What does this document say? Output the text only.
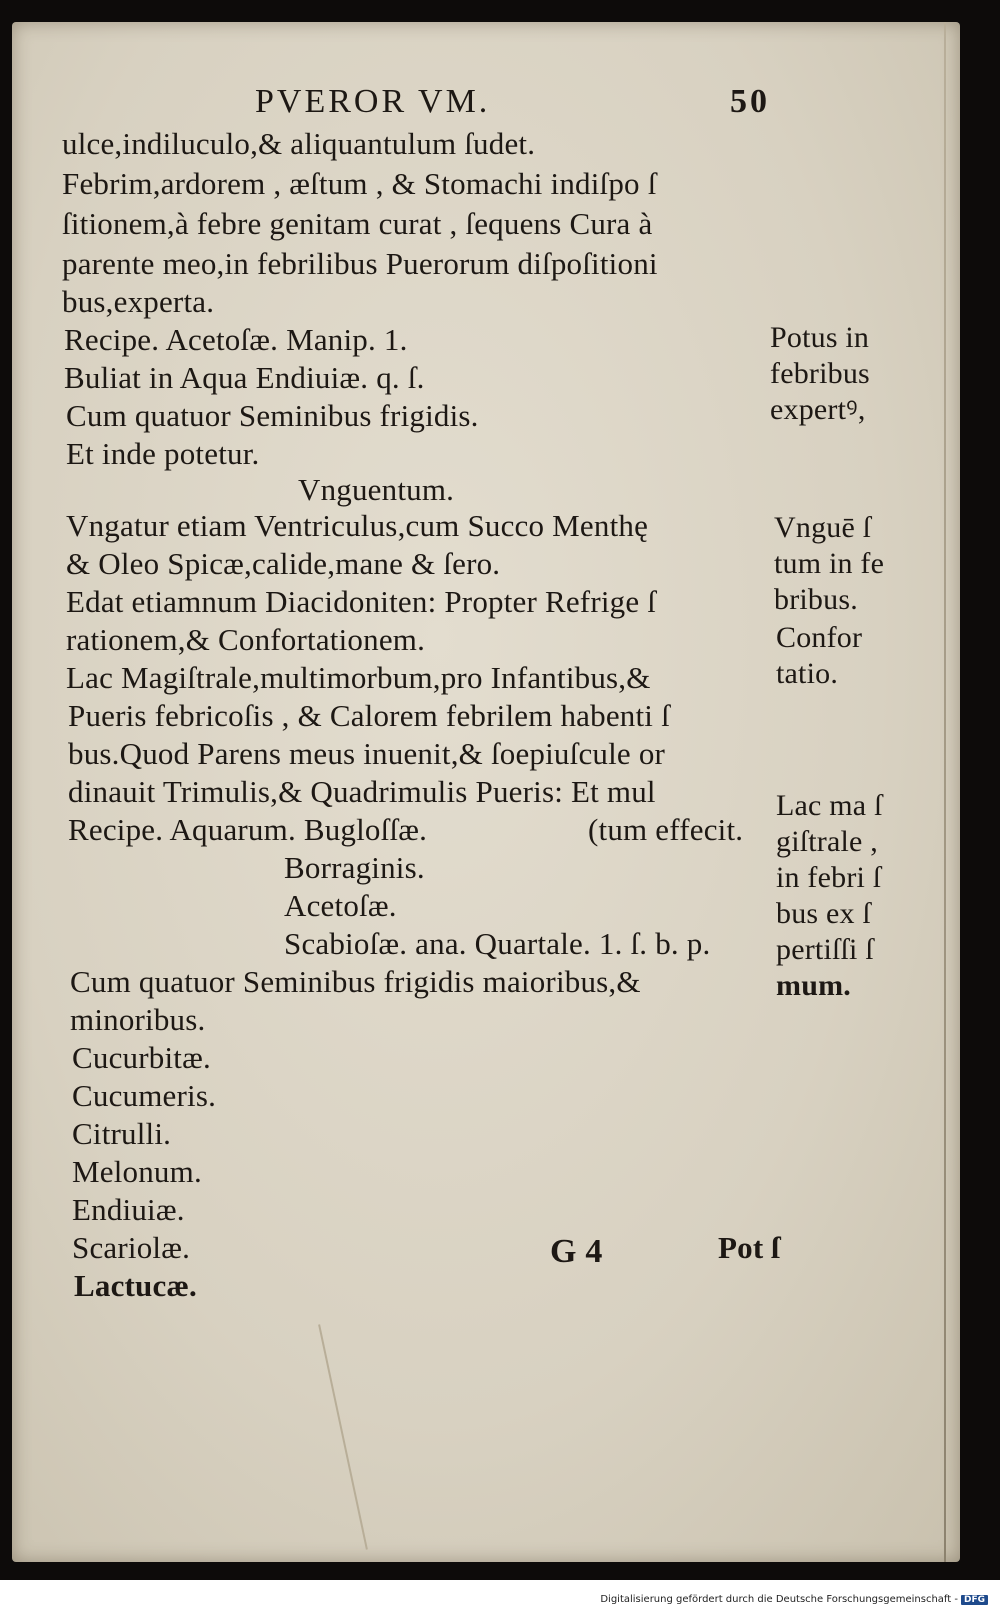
PVEROR VM.	50
ulce,indiluculo,& aliquantulum ſudet.
Febrim,ardorem , æſtum , & Stomachi indiſpo ſ
ſitionem,à febre genitam curat , ſequens Cura à
parente meo,in febrilibus Puerorum diſpoſitioni
bus,experta.
Recipe. Acetoſæ. Manip. 1.
Buliat in Aqua Endiuiæ. q. ſ.
Cum quatuor Seminibus frigidis.
Et inde potetur.
Vnguentum.
Vngatur etiam Ventriculus,cum Succo Menthę
& Oleo Spicæ,calide,mane & ſero.
Edat etiamnum Diacidoniten: Propter Refrige ſ
rationem,& Confortationem.
Lac Magiſtrale,multimorbum,pro Infantibus,&
Pueris febricoſis , & Calorem febrilem habenti ſ
bus.Quod Parens meus inuenit,& ſoepiuſcule or
dinauit Trimulis,& Quadrimulis Pueris: Et mul
Recipe. Aquarum. Bugloſſæ.	(tum effecit.
Borraginis.
Acetoſæ.
Scabioſæ. ana. Quartale. 1. ſ. b. p.
Cum quatuor Seminibus frigidis maioribus,&
minoribus.
Cucurbitæ.
Cucumeris.
Citrulli.
Melonum.
Endiuiæ.
Scariolæ.
Lactucæ.
Potus in
febribus
expertꝰ,
Vnguē ſ
tum in fe
bribus.
Confor
tatio.
Lac ma ſ
giſtrale ,
in febri ſ
bus ex ſ
pertiſſi ſ
mum.
G 4	Pot ſ
Digitalisierung gefördert durch die Deutsche Forschungsgemeinschaft - DFG
